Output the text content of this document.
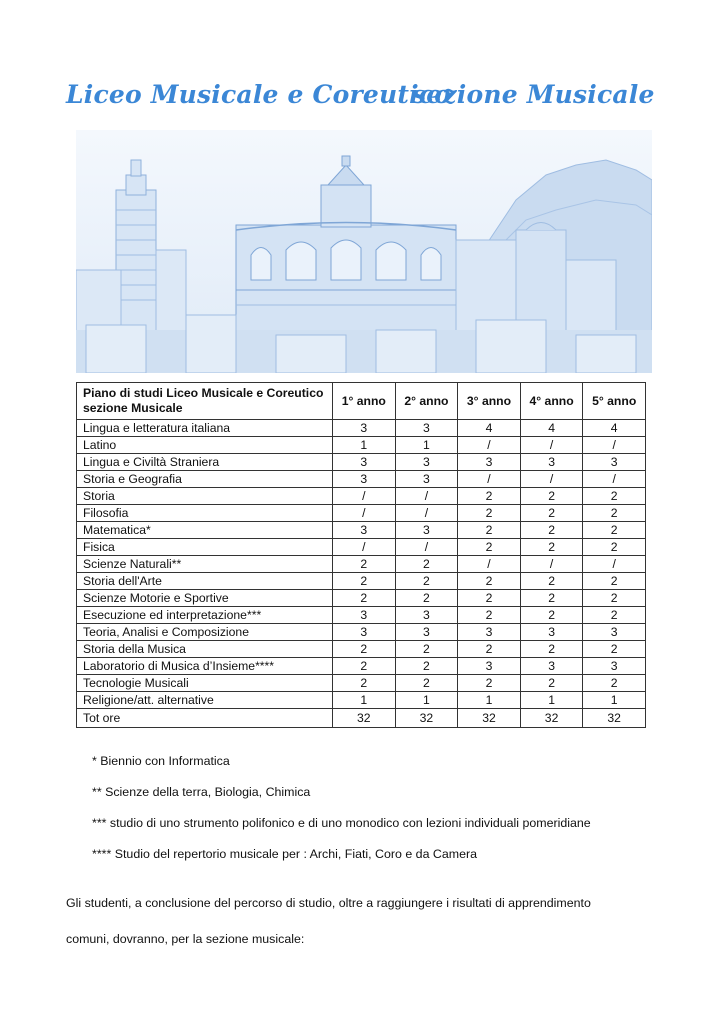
Liceo Musicale e Coreutico
sezione Musicale
Piano di studi Liceo Musicale e Coreutico
sezione Musicale	1° anno	2° anno	3° anno	4° anno	5° anno
Lingua e letteratura italiana	3	3	4	4	4
Latino	1	1	/	/	/
Lingua e Civiltà Straniera	3	3	3	3	3
Storia e Geografia	3	3	/	/	/
Storia	/	/	2	2	2
Filosofia	/	/	2	2	2
Matematica*	3	3	2	2	2
Fisica	/	/	2	2	2
Scienze Naturali**	2	2	/	/	/
Storia dell'Arte	2	2	2	2	2
Scienze Motorie e Sportive	2	2	2	2	2
Esecuzione ed interpretazione***	3	3	2	2	2
Teoria, Analisi e Composizione	3	3	3	3	3
Storia della Musica	2	2	2	2	2
Laboratorio di Musica d’Insieme****	2	2	3	3	3
Tecnologie Musicali	2	2	2	2	2
Religione/att. alternative	1	1	1	1	1
Tot ore	32	32	32	32	32
* Biennio con Informatica
** Scienze della terra, Biologia, Chimica
*** studio di uno strumento polifonico e di uno monodico con lezioni individuali pomeridiane
**** Studio del repertorio musicale per : Archi, Fiati, Coro e da Camera
Gli studenti, a conclusione del percorso di studio, oltre a raggiungere i risultati di apprendimento
comuni, dovranno, per la sezione musicale:
